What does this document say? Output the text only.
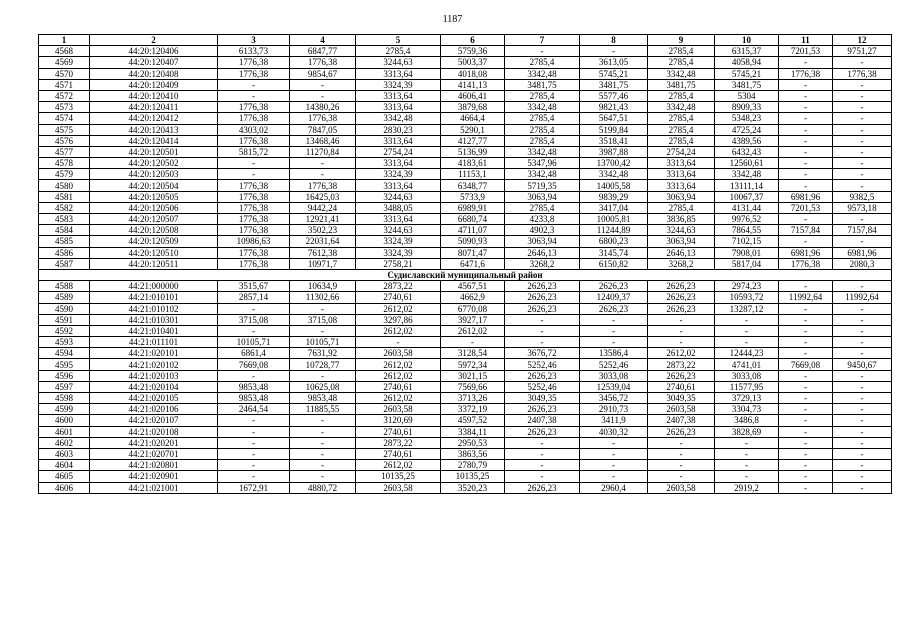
1187
1	2	3	4	5	6	7	8	9	10	11	12
4568	44:20:120406	6133,73	6847,77	2785,4	5759,36	-	-	2785,4	6315,37	7201,53	9751,27
4569	44:20:120407	1776,38	1776,38	3244,63	5003,37	2785,4	3613,05	2785,4	4058,94	-	-
4570	44:20:120408	1776,38	9854,67	3313,64	4018,08	3342,48	5745,21	3342,48	5745,21	1776,38	1776,38
4571	44:20:120409	-	-	3324,39	4141,13	3481,75	3481,75	3481,75	3481,75	-	-
4572	44:20:120410	-	-	3313,64	4606,41	2785,4	5577,46	2785,4	5304	-	-
4573	44:20:120411	1776,38	14380,26	3313,64	3879,68	3342,48	9821,43	3342,48	8909,33	-	-
4574	44:20:120412	1776,38	1776,38	3342,48	4664,4	2785,4	5647,51	2785,4	5348,23	-	-
4575	44:20:120413	4303,02	7847,05	2830,23	5290,1	2785,4	5199,84	2785,4	4725,24	-	-
4576	44:20:120414	1776,38	13468,46	3313,64	4127,77	2785,4	3518,41	2785,4	4389,56	-	-
4577	44:20:120501	5815,72	11270,84	2754,24	5136,99	3342,48	3987,88	2754,24	6432,43	-	-
4578	44:20:120502	-	-	3313,64	4183,61	5347,96	13700,42	3313,64	12560,61	-	-
4579	44:20:120503	-	-	3324,39	11153,1	3342,48	3342,48	3313,64	3342,48	-	-
4580	44:20:120504	1776,38	1776,38	3313,64	6348,77	5719,35	14005,58	3313,64	13111,14	-	-
4581	44:20:120505	1776,38	16425,03	3244,63	5733,9	3063,94	9839,29	3063,94	10067,37	6981,96	9382,5
4582	44:20:120506	1776,38	9442,24	3488,05	6989,91	2785,4	3417,04	2785,4	4131,44	7201,53	9573,18
4583	44:20:120507	1776,38	12921,41	3313,64	6680,74	4233,8	10005,81	3836,85	9976,52	-	-
4584	44:20:120508	1776,38	3502,23	3244,63	4711,07	4902,3	11244,89	3244,63	7864,55	7157,84	7157,84
4585	44:20:120509	10986,63	22031,64	3324,39	5090,93	3063,94	6800,23	3063,94	7102,15	-	-
4586	44:20:120510	1776,38	7612,38	3324,39	8071,47	2646,13	3145,74	2646,13	7908,01	6981,96	6981,96
4587	44:20:120511	1776,38	10971,7	2758,21	6471,6	3268,2	6150,82	3268,2	5817,04	1776,38	2080,3
Судиславский муниципальный район											
4588	44:21:000000	3515,67	10634,9	2873,22	4567,51	2626,23	2626,23	2626,23	2974,23	-	-
4589	44:21:010101	2857,14	11302,66	2740,61	4662,9	2626,23	12409,37	2626,23	10593,72	11992,64	11992,64
4590	44:21:010102	-	-	2612,02	6770,08	2626,23	2626,23	2626,23	13287,12	-	-
4591	44:21:010301	3715,08	3715,08	3297,86	3927,17	-	-	-	-	-	-
4592	44:21:010401	-	-	2612,02	2612,02	-	-	-	-	-	-
4593	44:21:011101	10105,71	10105,71	-	-	-	-	-	-	-	-
4594	44:21:020101	6861,4	7631,92	2603,58	3128,54	3676,72	13586,4	2612,02	12444,23	-	-
4595	44:21:020102	7669,08	10728,77	2612,02	5972,34	5252,46	5252,46	2873,22	4741,01	7669,08	9450,67
4596	44:21:020103	-	-	2612,02	3021,15	2626,23	3033,08	2626,23	3033,08	-	-
4597	44:21:020104	9853,48	10625,08	2740,61	7569,66	5252,46	12539,04	2740,61	11577,95	-	-
4598	44:21:020105	9853,48	9853,48	2612,02	3713,26	3049,35	3456,72	3049,35	3729,13	-	-
4599	44:21:020106	2464,54	11885,55	2603,58	3372,19	2626,23	2910,73	2603,58	3304,73	-	-
4600	44:21:020107	-	-	3120,69	4597,52	2407,38	3411,9	2407,38	3486,8	-	-
4601	44:21:020108	-	-	2740,61	3384,11	2626,23	4030,32	2626,23	3828,69	-	-
4602	44:21:020201	-	-	2873,22	2950,53	-	-	-	-	-	-
4603	44:21:020701	-	-	2740,61	3863,56	-	-	-	-	-	-
4604	44:21:020801	-	-	2612,02	2780,79	-	-	-	-	-	-
4605	44:21:020901	-	-	10135,25	10135,25	-	-	-	-	-	-
4606	44:21:021001	1672,91	4880,72	2603,58	3520,23	2626,23	2960,4	2603,58	2919,2	-	-
